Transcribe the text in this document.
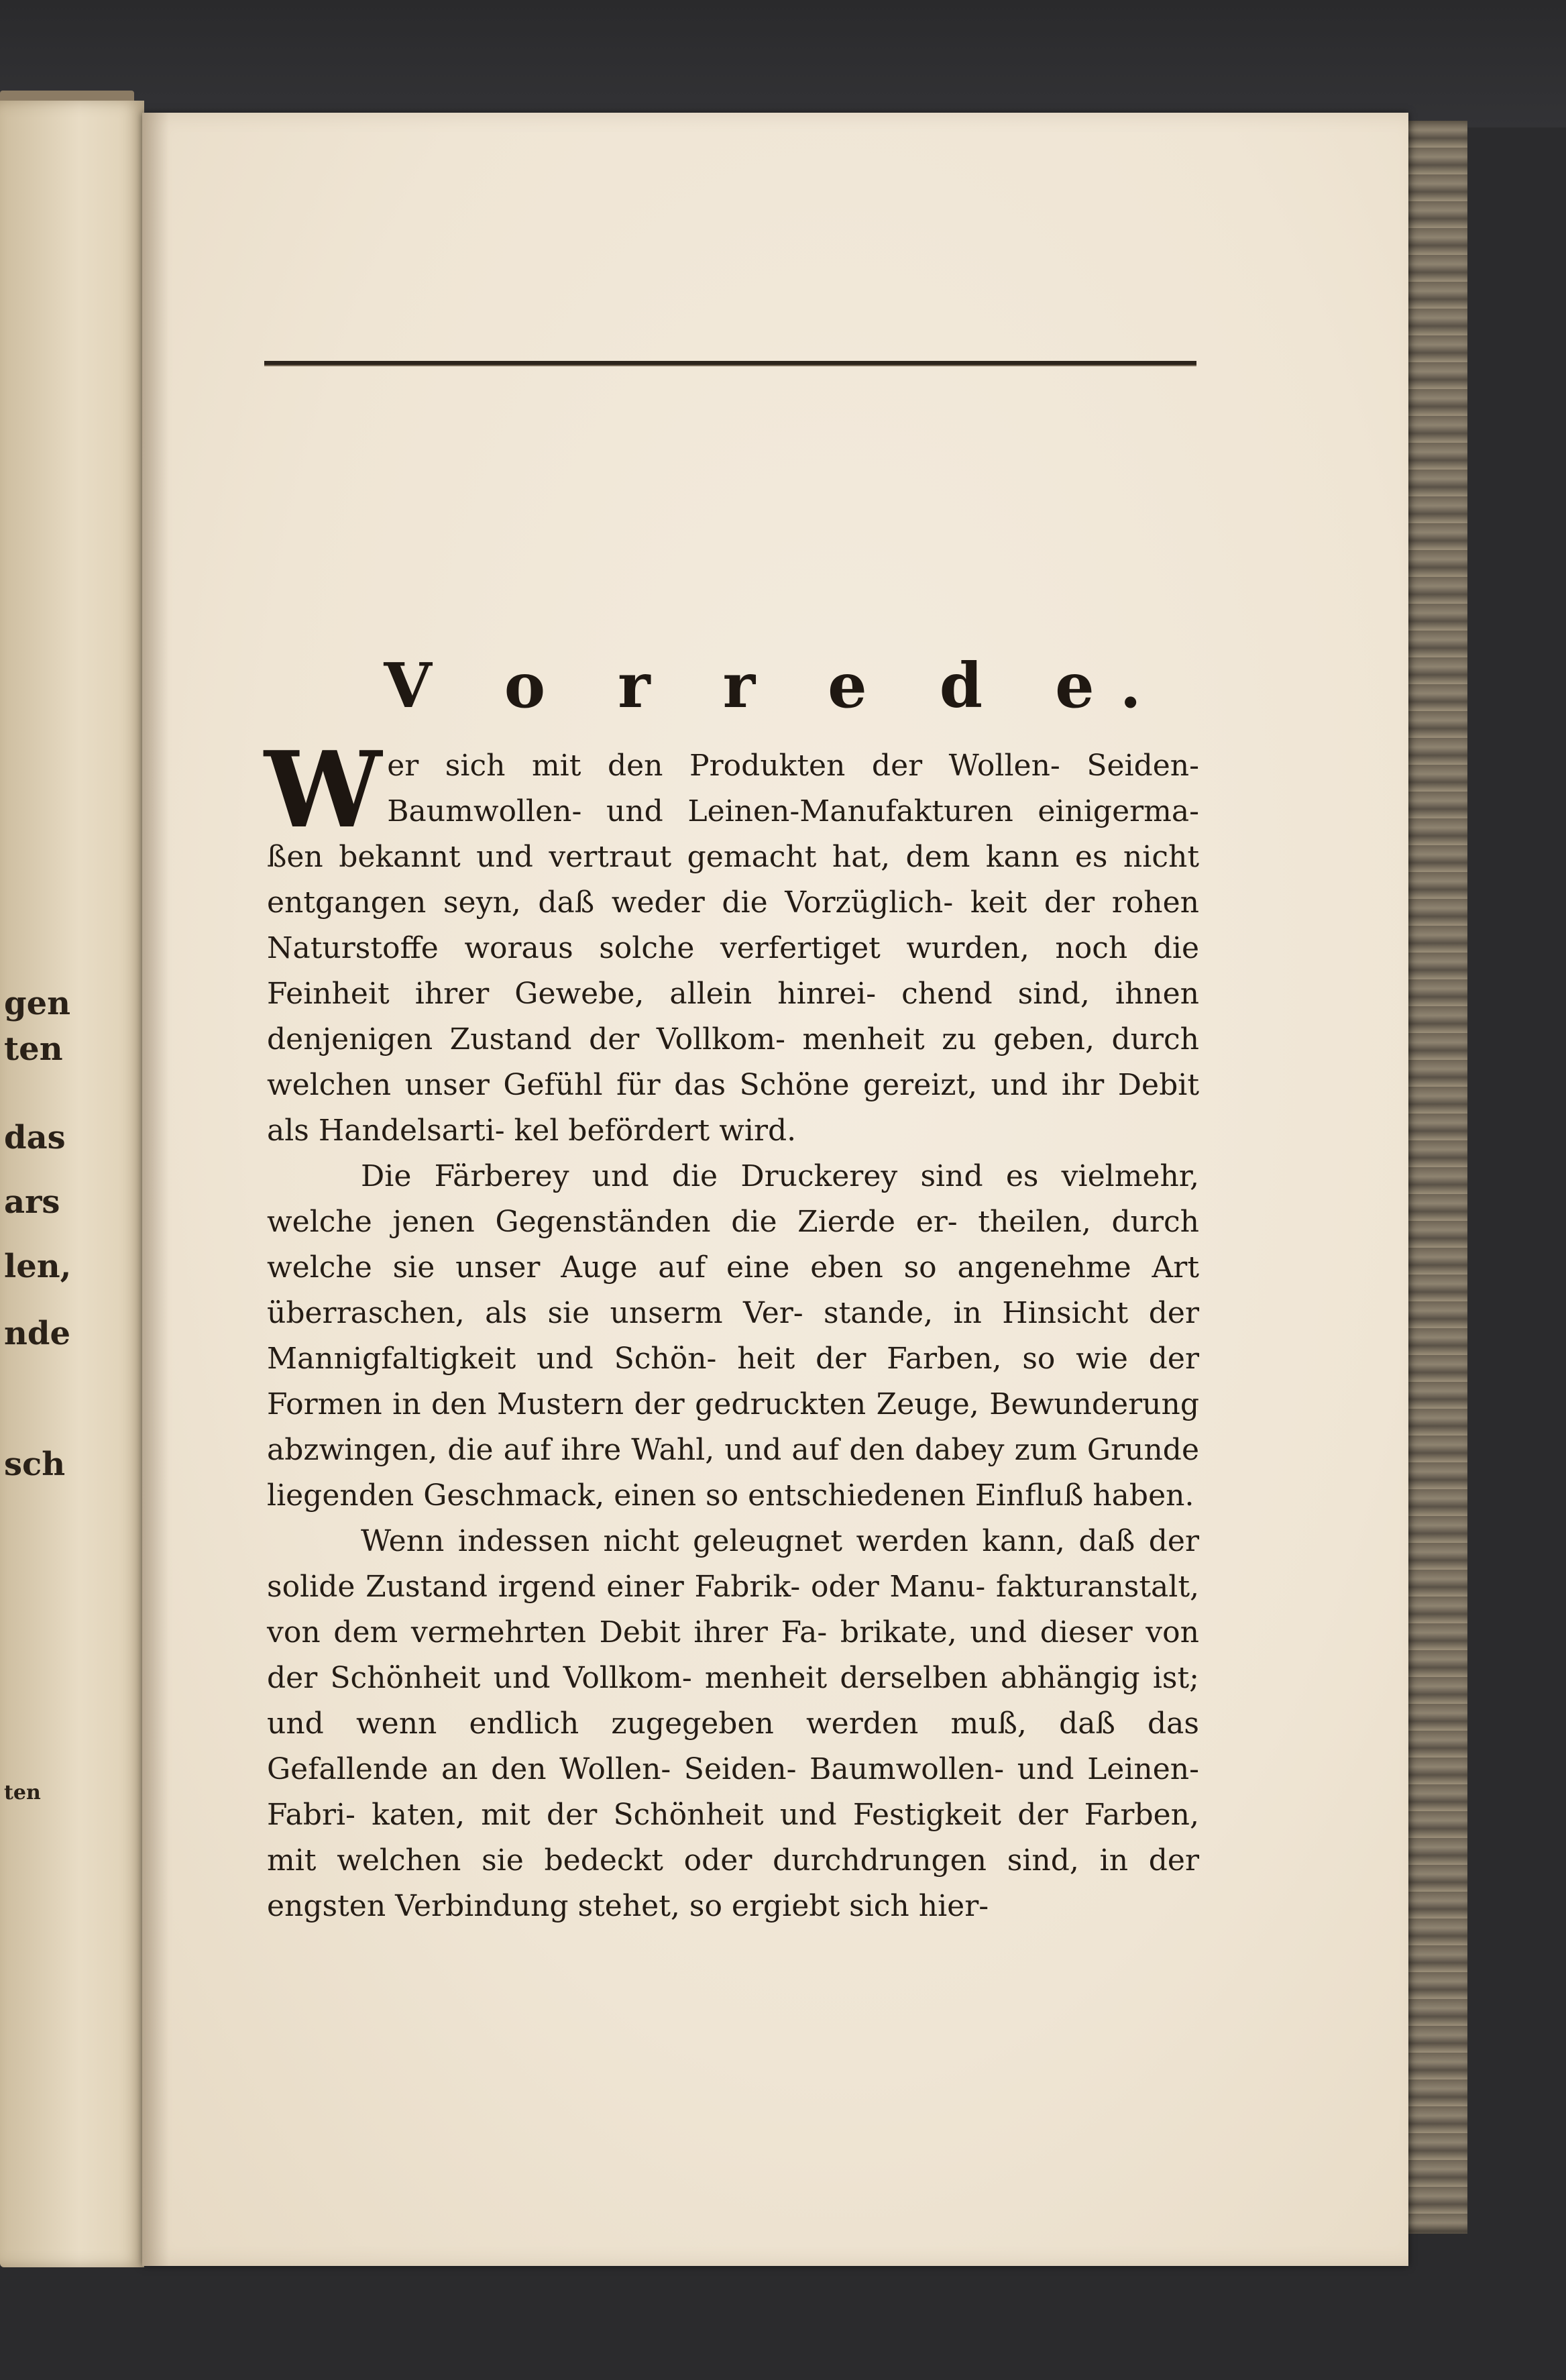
gen
ten
das
ars
len,
nde
sch
ten
V o r r e d e.

Wer sich mit den Produkten der Wollen- Seiden- Baumwollen- und Leinen-Manufakturen einigerma- ßen bekannt und vertraut gemacht hat, dem kann es nicht entgangen seyn, daß weder die Vorzüglich- keit der rohen Naturstoffe woraus solche verfertiget wurden, noch die Feinheit ihrer Gewebe, allein hinrei- chend sind, ihnen denjenigen Zustand der Vollkom- menheit zu geben, durch welchen unser Gefühl für das Schöne gereizt, und ihr Debit als Handelsarti- kel befördert wird.

Die Färberey und die Druckerey sind es vielmehr, welche jenen Gegenständen die Zierde er- theilen, durch welche sie unser Auge auf eine eben so angenehme Art überraschen, als sie unserm Ver- stande, in Hinsicht der Mannigfaltigkeit und Schön- heit der Farben, so wie der Formen in den Mustern der gedruckten Zeuge, Bewunderung abzwingen, die auf ihre Wahl, und auf den dabey zum Grunde liegenden Geschmack, einen so entschiedenen Einfluß haben.

Wenn indessen nicht geleugnet werden kann, daß der solide Zustand irgend einer Fabrik- oder Manu- fakturanstalt, von dem vermehrten Debit ihrer Fa- brikate, und dieser von der Schönheit und Vollkom- menheit derselben abhängig ist; und wenn endlich zugegeben werden muß, daß das Gefallende an den Wollen- Seiden- Baumwollen- und Leinen-Fabri- katen, mit der Schönheit und Festigkeit der Farben, mit welchen sie bedeckt oder durchdrungen sind, in der engsten Verbindung stehet, so ergiebt sich hier-
